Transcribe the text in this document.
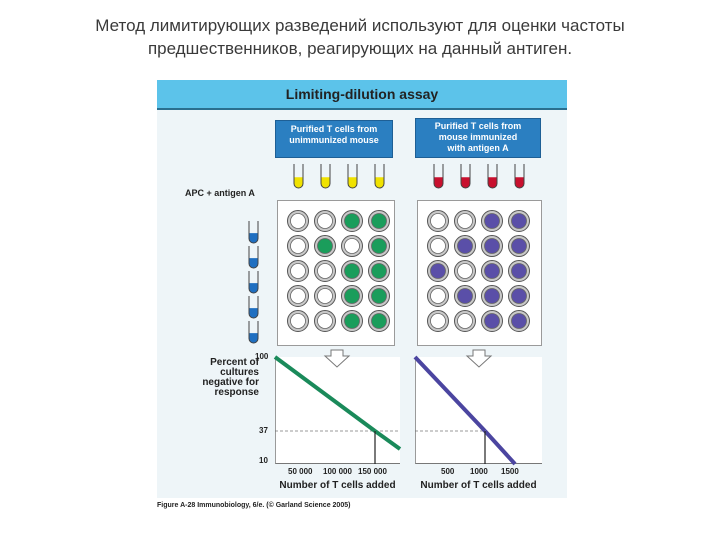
Метод лимитирующих разведений используют для оценки частоты
предшественников, реагирующих на данный антиген.
Limiting-dilution assay
Purified T cells from
unimmunized mouse
Purified T cells from
mouse immunized
with antigen A
APC + antigen A
Percent of
cultures
negative for
response
100
37
10
50 000 100 000 150 000	500 1000 1500
Number of T cells added	Number of T cells added
Figure A-28 Immunobiology, 6/e. (© Garland Science 2005)
